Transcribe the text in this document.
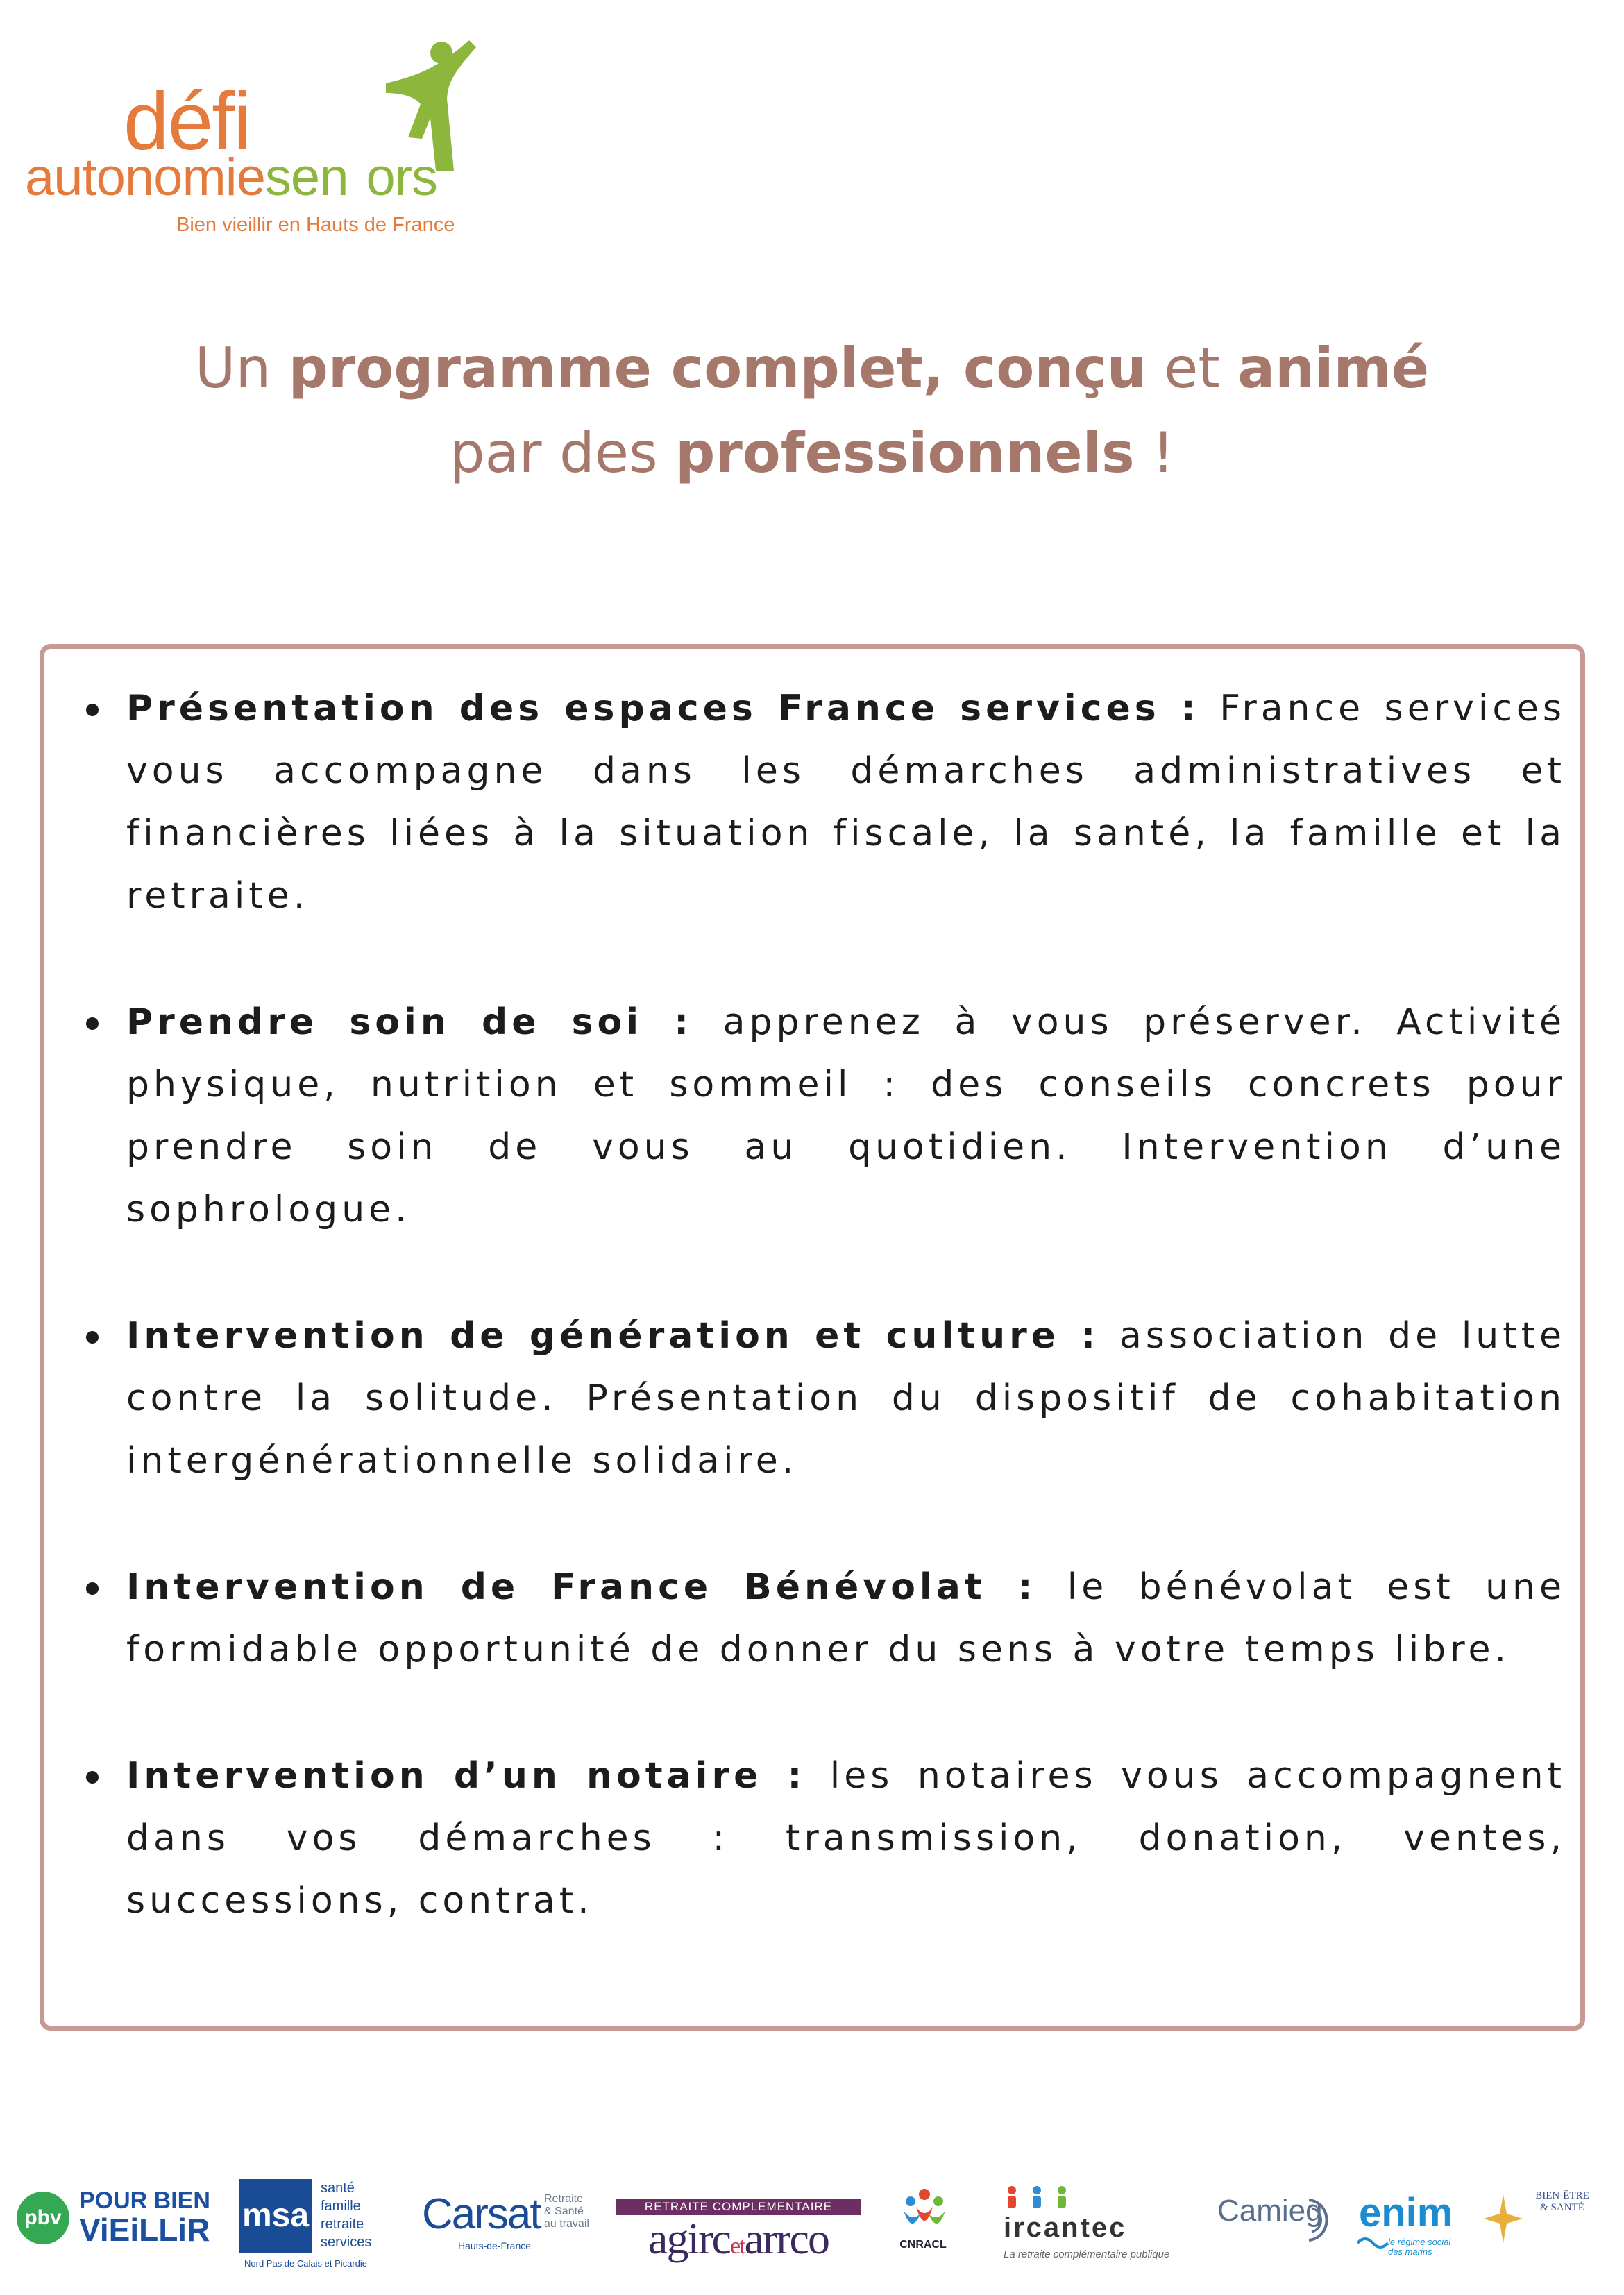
défi
autonomiesen ors
Bien vieillir en Hauts de France
Un programme complet, conçu et animé
par des professionnels !
Présentation des espaces France services : France services vous accompagne dans les démarches administratives et financières liées à la situation fiscale, la santé, la famille et la retraite.
Prendre soin de soi : apprenez à vous préserver. Activité physique, nutrition et sommeil : des conseils concrets pour prendre soin de vous au quotidien. Intervention d’une sophrologue.
Intervention de génération et culture : association de lutte contre la solitude. Présentation du dispositif de cohabitation intergénérationnelle solidaire.
Intervention de France Bénévolat : le bénévolat est une formidable opportunité de donner du sens à votre temps libre.
Intervention d’un notaire : les notaires vous accompagnent dans vos démarches : transmission, donation, ventes, successions, contrat.
pbv
POUR BIEN
ViEiLLiR msa
santé
famille
retraite
services
Nord Pas de Calais et Picardie
Carsat Retraite
& Santé
au travail
Hauts-de-France
RETRAITE COMPLEMENTAIRE
agircetarrco	CNRACL
ircantec
La retraite complémentaire publique
Camieg enim
le régime social
des marins
BIEN-ÊTRE
& SANTÉ
